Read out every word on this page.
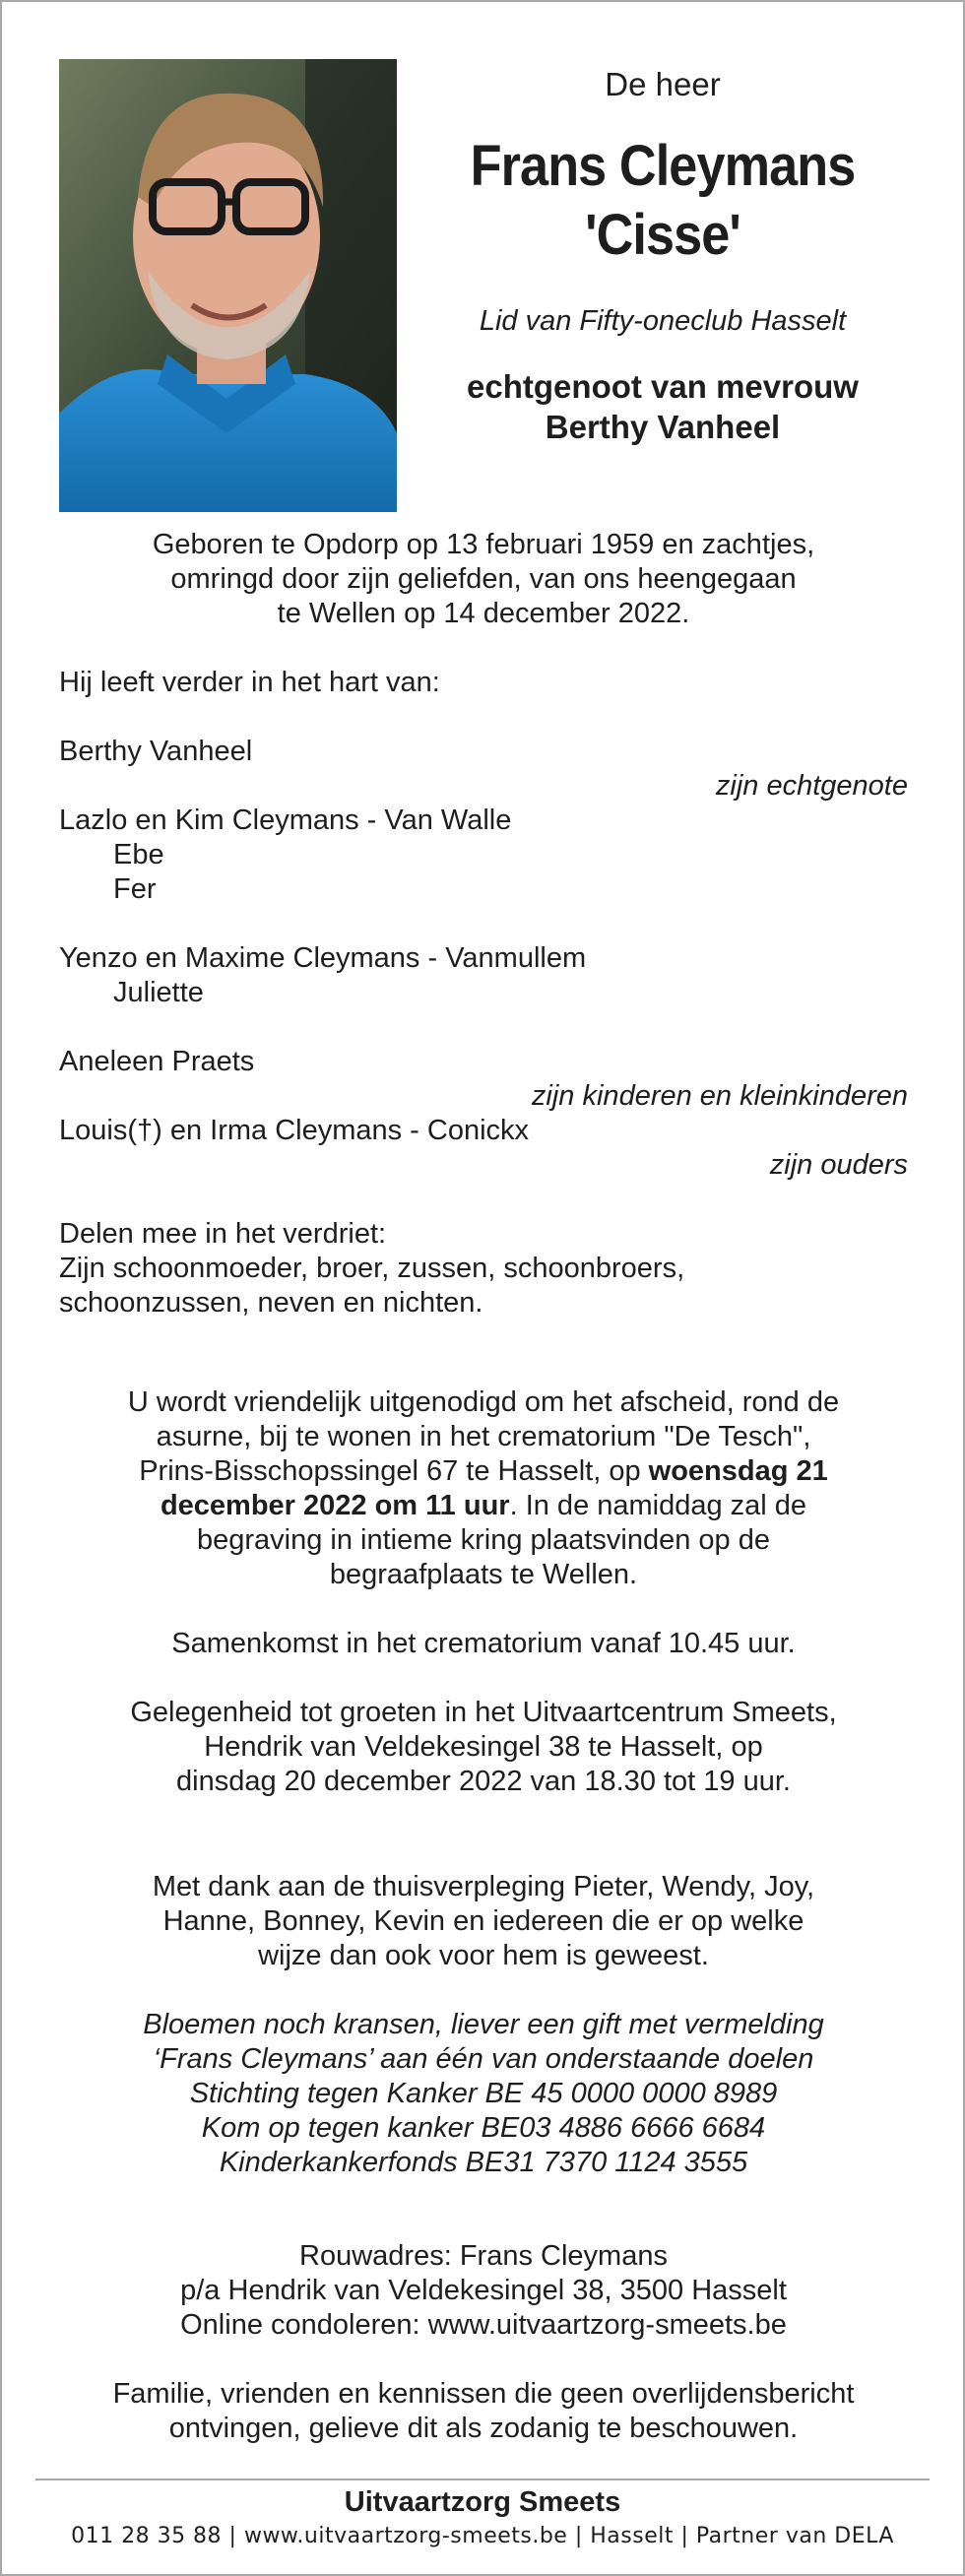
De heer
Frans Cleymans
'Cisse'
Lid van Fifty-oneclub Hasselt
echtgenoot van mevrouw
Berthy Vanheel
Geboren te Opdorp op 13 februari 1959 en zachtjes,
omringd door zijn geliefden, van ons heengegaan
te Wellen op 14 december 2022.
Hij leeft verder in het hart van:
Berthy Vanheel
zijn echtgenote
Lazlo en Kim Cleymans - Van Walle
Ebe
Fer
Yenzo en Maxime Cleymans - Vanmullem
Juliette
Aneleen Praets
zijn kinderen en kleinkinderen
Louis(†) en Irma Cleymans - Conickx
zijn ouders
Delen mee in het verdriet:
Zijn schoonmoeder, broer, zussen, schoonbroers,
schoonzussen, neven en nichten.
U wordt vriendelijk uitgenodigd om het afscheid, rond de
asurne, bij te wonen in het crematorium "De Tesch",
Prins-Bisschopssingel 67 te Hasselt, op woensdag 21
december 2022 om 11 uur. In de namiddag zal de
begraving in intieme kring plaatsvinden op de
begraafplaats te Wellen.
Samenkomst in het crematorium vanaf 10.45 uur.
Gelegenheid tot groeten in het Uitvaartcentrum Smeets,
Hendrik van Veldekesingel 38 te Hasselt, op
dinsdag 20 december 2022 van 18.30 tot 19 uur.
Met dank aan de thuisverpleging Pieter, Wendy, Joy,
Hanne, Bonney, Kevin en iedereen die er op welke
wijze dan ook voor hem is geweest.
Bloemen noch kransen, liever een gift met vermelding
‘Frans Cleymans’ aan één van onderstaande doelen
Stichting tegen Kanker BE 45 0000 0000 8989
Kom op tegen kanker BE03 4886 6666 6684
Kinderkankerfonds BE31 7370 1124 3555
Rouwadres: Frans Cleymans
p/a Hendrik van Veldekesingel 38, 3500 Hasselt
Online condoleren: www.uitvaartzorg-smeets.be
Familie, vrienden en kennissen die geen overlijdensbericht
ontvingen, gelieve dit als zodanig te beschouwen.
Uitvaartzorg Smeets
011 28 35 88 | www.uitvaartzorg-smeets.be | Hasselt | Partner van DELA
